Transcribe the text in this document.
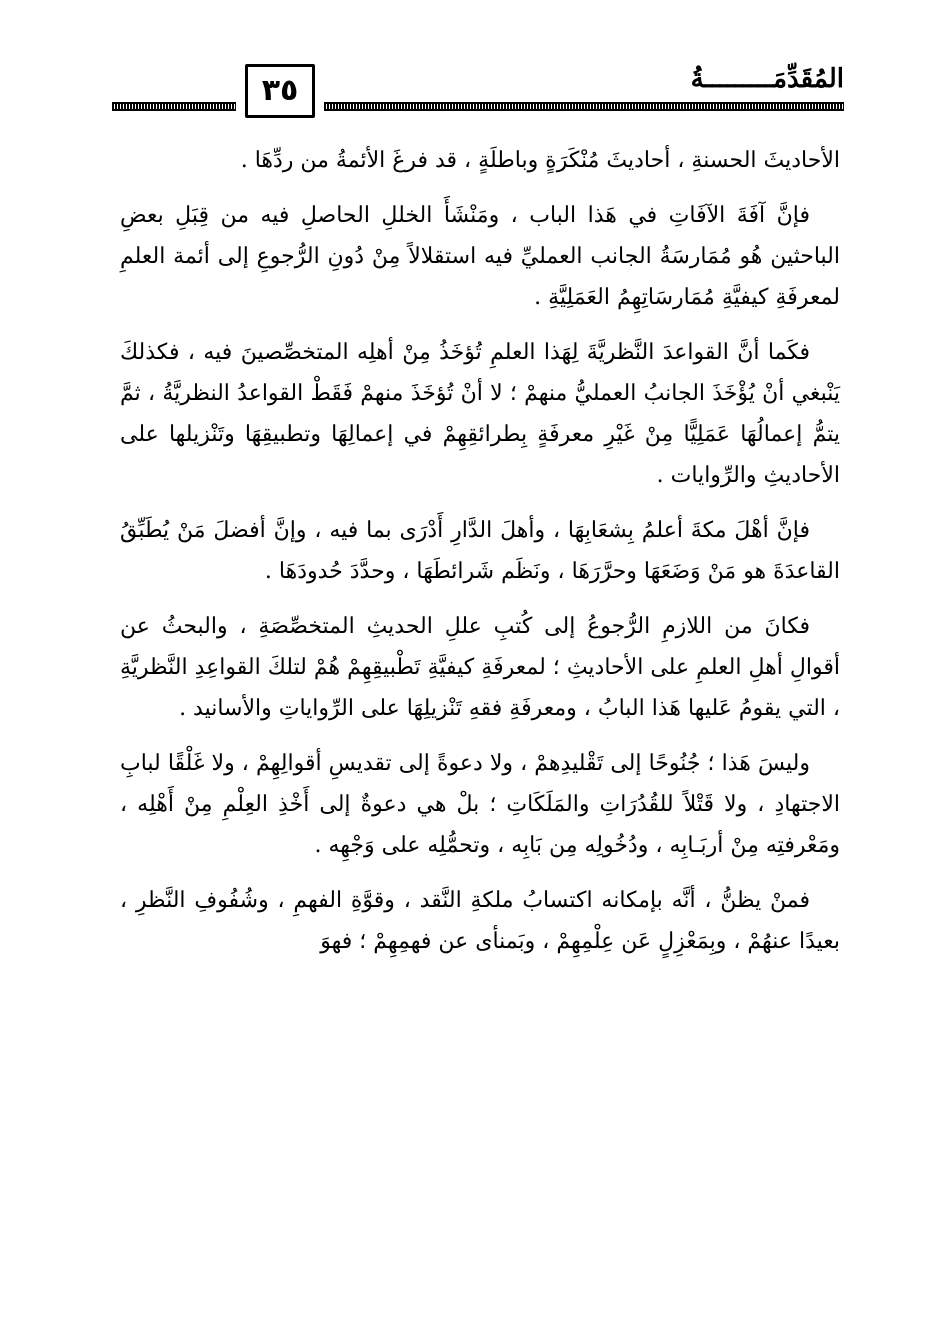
المُقَدِّمَـــــــــةُ
٣٥

الأحاديثَ الحسنةِ ، أحاديثَ مُنْكَرَةٍ وباطلَةٍ ، قد فرغَ الأئمةُ من ردِّهَا .

فإنَّ آفَةَ الآفَاتِ في هَذا الباب ، ومَنْشَأَ الخللِ الحاصلِ فيه من قِبَلِ بعضِ الباحثين هُو مُمَارسَةُ الجانب العمليِّ فيه استقلالاً مِنْ دُونِ الرُّجوعِ إلى أئمة العلمِ لمعرفَةِ كيفيَّةِ مُمَارسَاتِهِمُ العَمَلِيَّةِ .

فكَما أنَّ القواعدَ النَّظريَّةَ لِهَذا العلمِ تُؤخَذُ مِنْ أهلِه المتخصِّصينَ فيه ، فكذلكَ يَنْبغي أنْ يُؤْخَذَ الجانبُ العمليُّ منهمْ ؛ لا أنْ تُؤخَذَ منهمْ فَقَطْ القواعدُ النظريَّةُ ، ثمَّ يتمُّ إعمالُهَا عَمَلِيًّا مِنْ غَيْرِ معرفَةٍ بِطرائقِهِمْ في إعمالِهَا وتطبيقِهَا وتَنْزيلها على الأحاديثِ والرِّوايات .

فإنَّ أهْلَ مكةَ أعلمُ بِشعَابِهَا ، وأهلَ الدَّارِ أَدْرَى بما فيه ، وإنَّ أفضلَ مَنْ يُطَبِّقُ القاعدَةَ هو مَنْ وَضَعَهَا وحرَّرَهَا ، ونَظَم شَرائطَهَا ، وحدَّدَ حُدودَهَا .

فكانَ من اللازمِ الرُّجوعُ إلى كُتبِ عللِ الحديثِ المتخصِّصَةِ ، والبحثُ عن أقوالِ أهلِ العلمِ على الأحاديثِ ؛ لمعرفَةِ كيفيَّةِ تَطْبيقِهِمْ هُمْ لتلكَ القواعِدِ النَّظريَّةِ ، التي يقومُ عَليها هَذا البابُ ، ومعرفَةِ فقهِ تَنْزيلِهَا على الرِّواياتِ والأسانيد .

وليسَ هَذا ؛ جُنُوحًا إلى تَقْليدِهمْ ، ولا دعوةً إلى تقديسِ أقوالِهِمْ ، ولا غَلْقًا لبابِ الاجتهادِ ، ولا قَتْلاً للقُدُرَاتِ والمَلَكَاتِ ؛ بلْ هي دعوةٌ إلى أَخْذِ العِلْمِ مِنْ أَهْلِه ، ومَعْرفتِه مِنْ أربَـابِه ، ودُخُولِه مِن بَابِه ، وتحمُّلِه على وَجْهِه .

فمنْ يظنُّ ، أنَّه بإمكانه اكتسابُ ملكةِ النَّقد ، وقوَّةِ الفهمِ ، وشُفُوفِ النَّظرِ ، بعيدًا عنهُمْ ، وبِمَعْزِلٍ عَن عِلْمِهِمْ ، وبَمنأى عن فهمِهِمْ ؛ فهوَ
